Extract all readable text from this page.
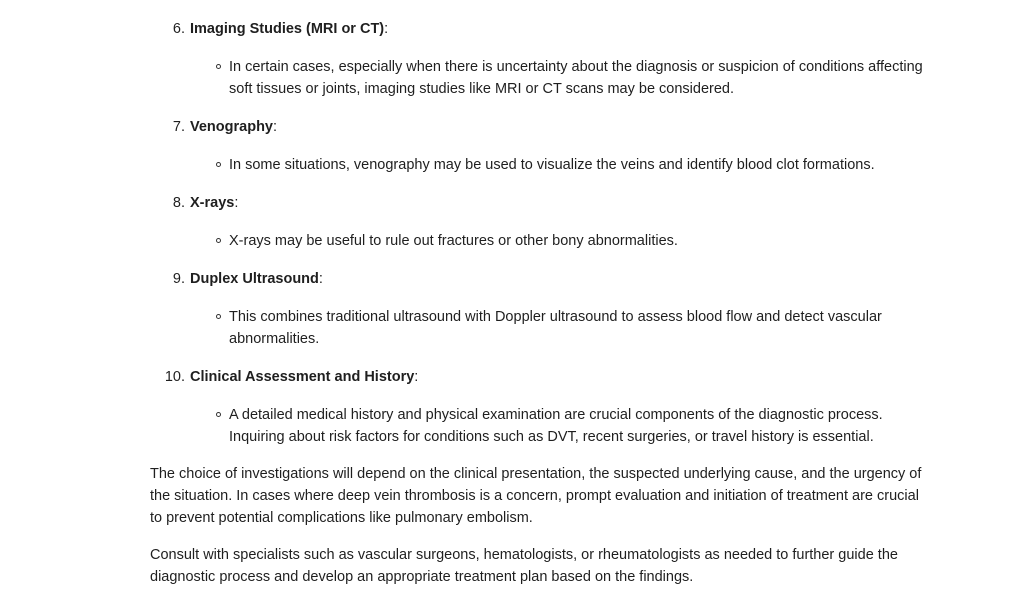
6. Imaging Studies (MRI or CT):
In certain cases, especially when there is uncertainty about the diagnosis or suspicion of conditions affecting soft tissues or joints, imaging studies like MRI or CT scans may be considered.
7. Venography:
In some situations, venography may be used to visualize the veins and identify blood clot formations.
8. X-rays:
X-rays may be useful to rule out fractures or other bony abnormalities.
9. Duplex Ultrasound:
This combines traditional ultrasound with Doppler ultrasound to assess blood flow and detect vascular abnormalities.
10. Clinical Assessment and History:
A detailed medical history and physical examination are crucial components of the diagnostic process. Inquiring about risk factors for conditions such as DVT, recent surgeries, or travel history is essential.

The choice of investigations will depend on the clinical presentation, the suspected underlying cause, and the urgency of the situation. In cases where deep vein thrombosis is a concern, prompt evaluation and initiation of treatment are crucial to prevent potential complications like pulmonary embolism.

Consult with specialists such as vascular surgeons, hematologists, or rheumatologists as needed to further guide the diagnostic process and develop an appropriate treatment plan based on the findings.
